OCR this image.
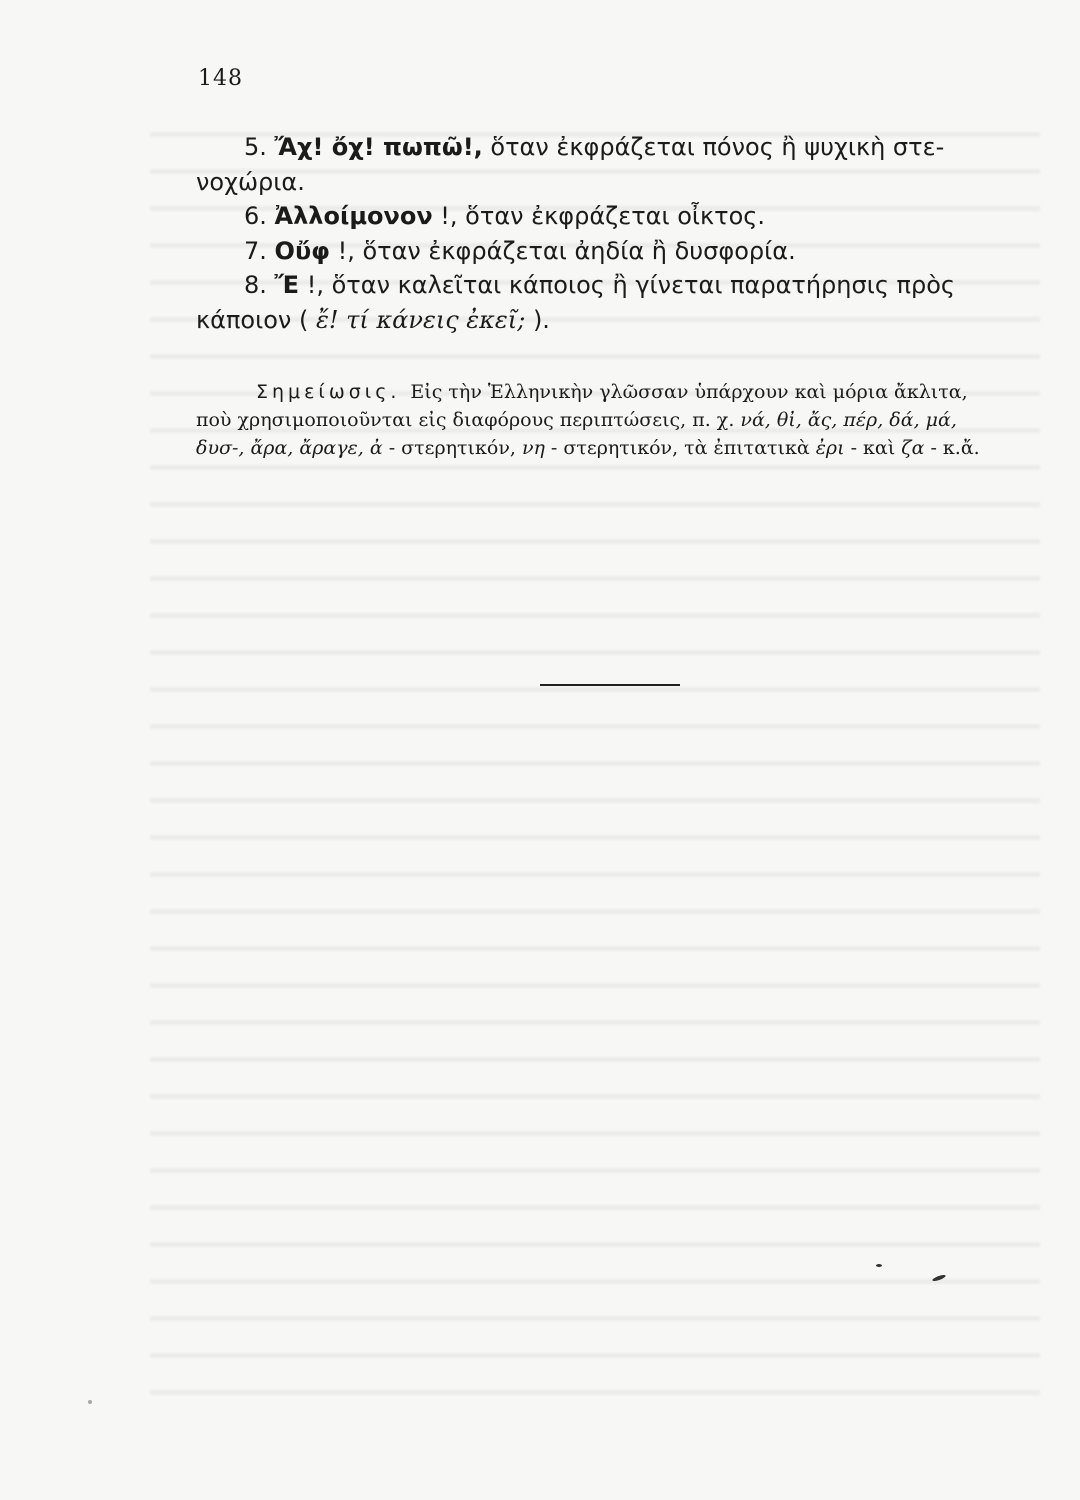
148

5. Ἄχ! ὄχ! πωπῶ!, ὅταν ἐκφράζεται πόνος ἢ ψυχικὴ στε-

νοχώρια.

6. Ἀλλοίμονον !, ὅταν ἐκφράζεται οἶκτος.

7. Οὔφ !, ὅταν ἐκφράζεται ἀηδία ἢ δυσφορία.

8. Ἔ !, ὅταν καλεῖται κάποιος ἢ γίνεται παρατήρησις πρὸς

κάποιον ( ἔ! τί κάνεις ἐκεῖ; ).

Σημείωσις. Εἰς τὴν Ἑλληνικὴν γλῶσσαν ὑπάρχουν καὶ μόρια ἄκλιτα,
ποὺ χρησιμοποιοῦνται εἰς διαφόρους περιπτώσεις, π. χ. νά, θἰ, ἄς, πέρ, δά, μά,
δυσ-, ἄρα, ἄραγε, ἀ - στερητικόν, νη - στερητικόν, τὰ ἐπιτατικὰ ἐρι - καὶ ζα - κ.ἄ.
